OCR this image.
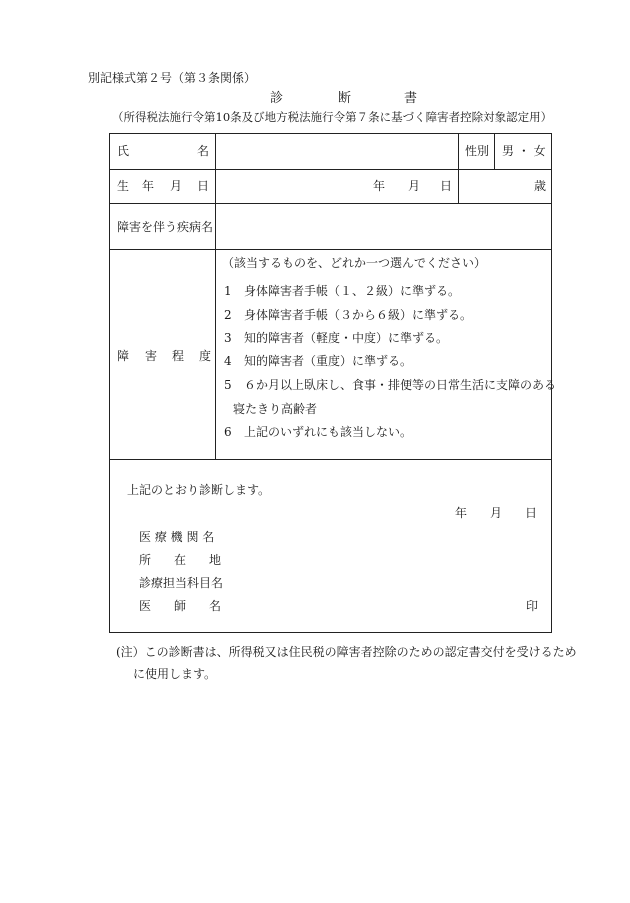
別記様式第２号（第３条関係）
診	断	書
（所得税法施行令第10条及び地方税法施行令第７条に基づく障害者控除対象認定用）
氏	名	性別 男 ・ 女
生 年 月 日	年 月 日	歳
障害を伴う疾病名
障 害 程 度
（該当するものを、どれか一つ選んでください）
1 身体障害者手帳（１、２級）に準ずる。
2 身体障害者手帳（３から６級）に準ずる。
3 知的障害者（軽度・中度）に準ずる。
4 知的障害者（重度）に準ずる。
5 ６か月以上臥床し、食事・排便等の日常生活に支障のある
寝たきり高齢者
6 上記のいずれにも該当しない。
上記のとおり診断します。
年 月 日
医 療 機 関 名
所 在 地
診療担当科目名
医 師 名	印
(注）この診断書は、所得税又は住民税の障害者控除のための認定書交付を受けるため
に使用します。
